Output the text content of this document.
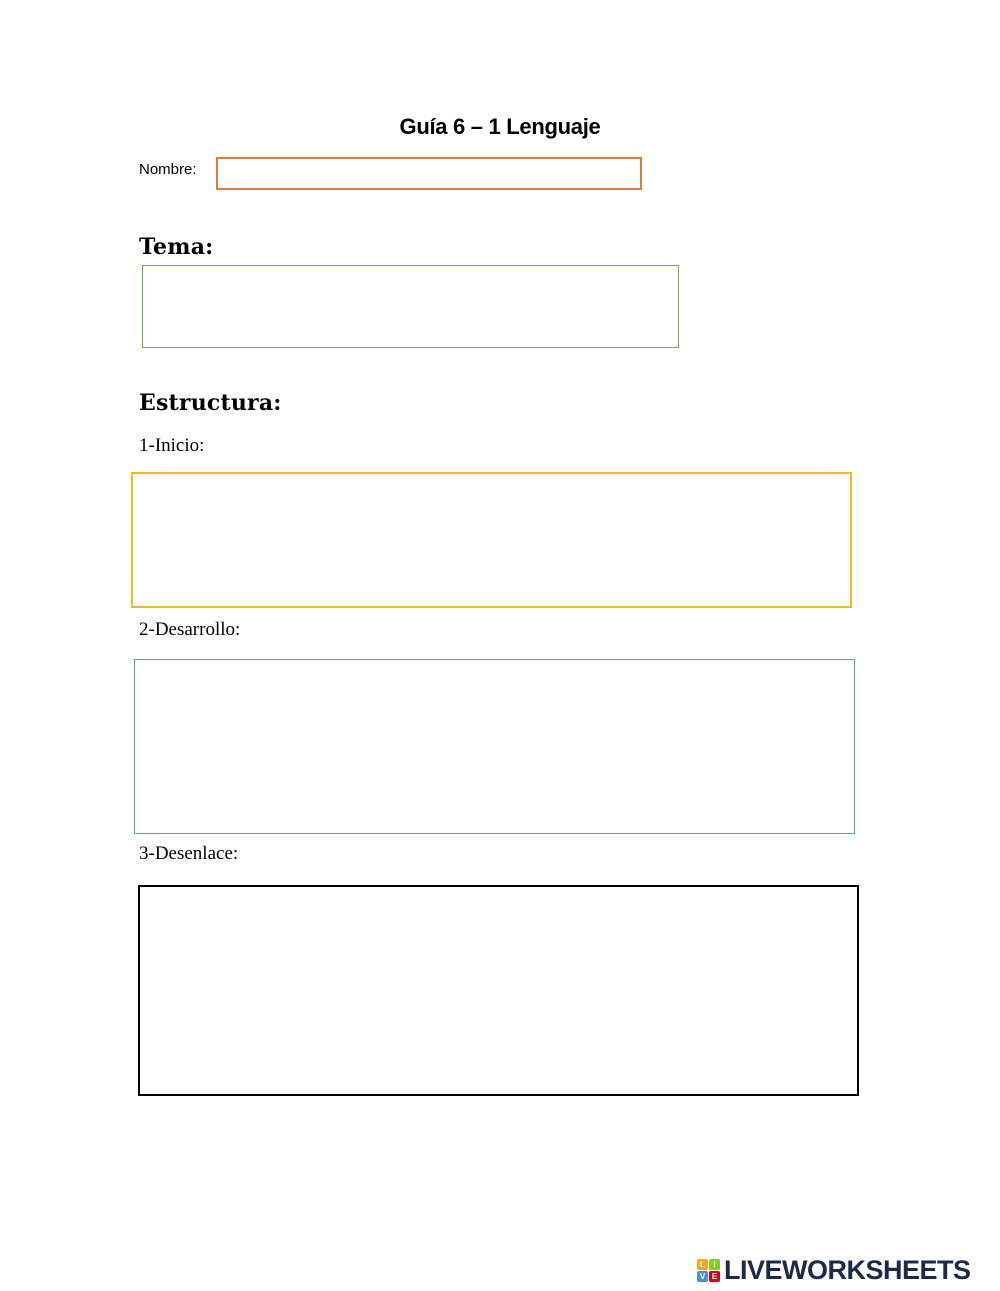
Guía 6 – 1 Lenguaje
Nombre:
Tema:
Estructura:
1-Inicio:
2-Desarrollo:
3-Desenlace:
L	I
V E LIVEWORKSHEETS
